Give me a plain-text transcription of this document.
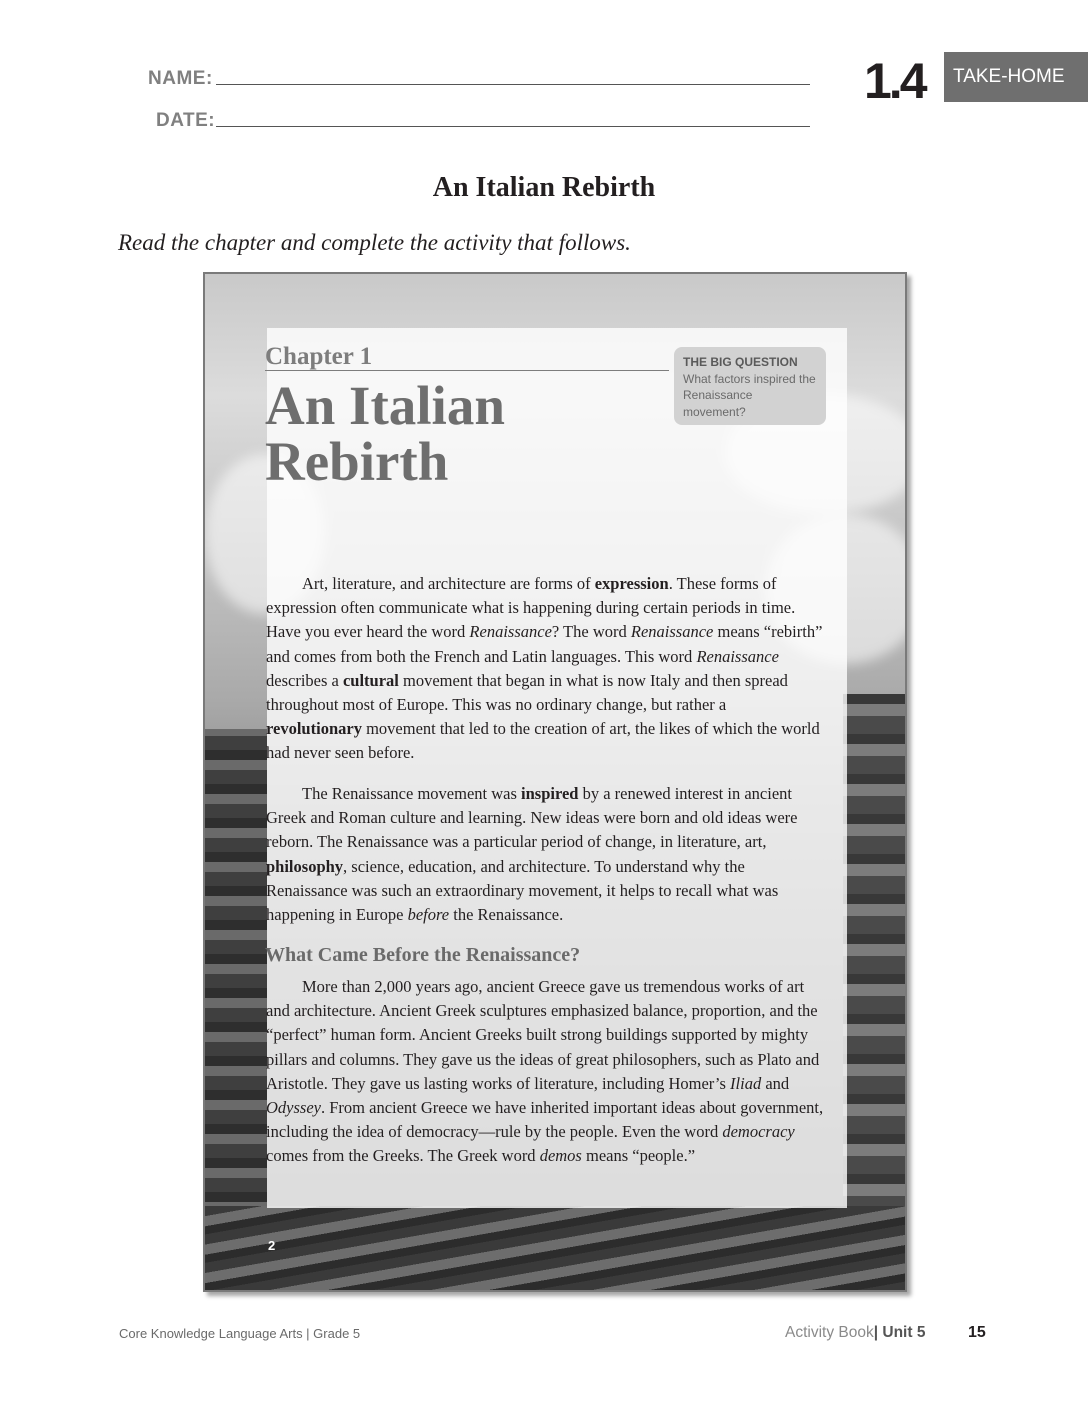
NAME:
DATE:
1.4	TAKE-HOME
An Italian Rebirth
Read the chapter and complete the activity that follows.
Chapter 1
An Italian
Rebirth
THE BIG QUESTION
What factors inspired the Renaissance movement?

Art, literature, and architecture are forms of expression. These forms of expression often communicate what is happening during certain periods in time. Have you ever heard the word Renaissance? The word Renaissance means “rebirth” and comes from both the French and Latin languages. This word Renaissance describes a cultural movement that began in what is now Italy and then spread throughout most of Europe. This was no ordinary change, but rather a revolutionary movement that led to the creation of art, the likes of which the world had never seen before.

The Renaissance movement was inspired by a renewed interest in ancient Greek and Roman culture and learning. New ideas were born and old ideas were reborn. The Renaissance was a particular period of change, in literature, art, philosophy, science, education, and architecture. To understand why the Renaissance was such an extraordinary movement, it helps to recall what was happening in Europe before the Renaissance.

What Came Before the Renaissance?

More than 2,000 years ago, ancient Greece gave us tremendous works of art and architecture. Ancient Greek sculptures emphasized balance, proportion, and the “perfect” human form. Ancient Greeks built strong buildings supported by mighty pillars and columns. They gave us the ideas of great philosophers, such as Plato and Aristotle. They gave us lasting works of literature, including Homer’s Iliad and Odyssey. From ancient Greece we have inherited important ideas about government, including the idea of democracy—rule by the people. Even the word democracy comes from the Greeks. The Greek word demos means “people.”

2
Core Knowledge Language Arts | Grade 5	Activity Book| Unit 5	15
